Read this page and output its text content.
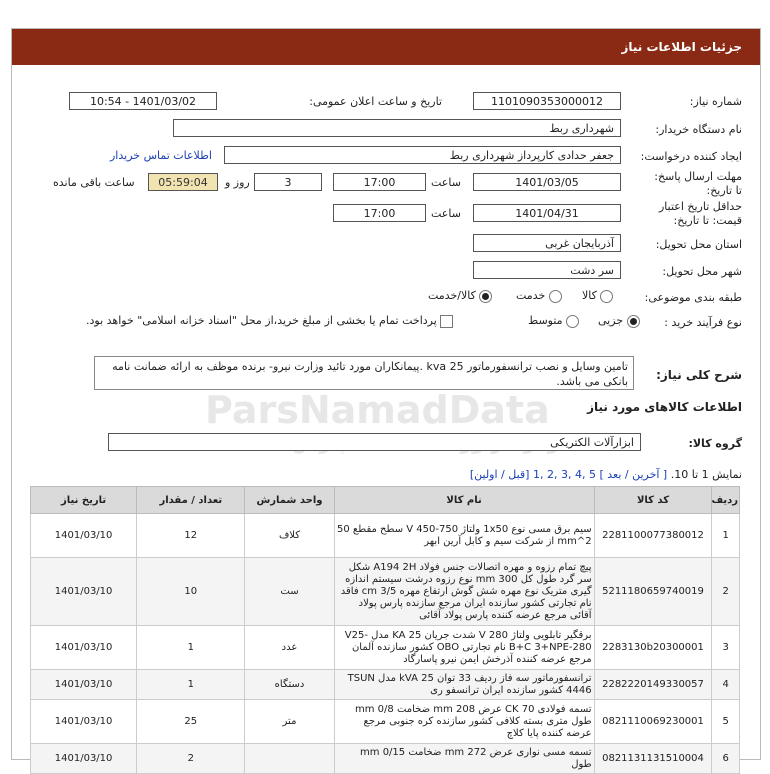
جزئیات اطلاعات نیاز
ParsNamadData
شماره نیاز:
1101090353000012
تاریخ و ساعت اعلان عمومی:
1401/03/02 - 10:54
نام دستگاه خریدار:
شهرداری ربط
ایجاد کننده درخواست:
جعفر حدادی کارپرداز شهرداری ربط
اطلاعات تماس خریدار
مهلت ارسال پاسخ: تا تاریخ:
1401/03/05
ساعت
17:00
3
روز و
05:59:04
ساعت باقی مانده
حداقل تاریخ اعتبار قیمت: تا تاریخ:
1401/04/31
ساعت
17:00
استان محل تحویل:
آذربایجان غربی
شهر محل تحویل:
سر دشت
طبقه بندی موضوعی:
کالا
خدمت
کالا/خدمت
نوع فرآیند خرید :
جزیی
متوسط
پرداخت تمام یا بخشی از مبلغ خرید،از محل "اسناد خزانه اسلامی" خواهد بود.
شرح کلی نیاز:
تامین وسایل و نصب ترانسفورماتور 25 kva .پیمانکاران مورد تائید وزارت نیرو- برنده موظف به ارائه ضمانت نامه بانکی می باشد.
اطلاعات کالاهای مورد نیاز
گروه کالا:
ابزارآلات الکتریکی
نمایش 1 تا 10. [ آخرین / بعد ] 5 ,4 ,3 ,2 ,1 [قبل / اولین]
ردیف	کد کالا	نام کالا	واحد شمارش	تعداد / مقدار	تاریخ نیاز
1	2281100077380012	سیم برق مسی نوع 1x50 ولتاژ 750-450 V سطح مقطع 50 mm^2 از شرکت سیم و کابل آرین ابهر	کلاف	12	1401/03/10
2	5211180659740019	پیچ تمام رزوه و مهره اتصالات جنس فولاد A194 2H شکل سر گرد طول کل 300 mm نوع رزوه درشت سیستم اندازه گیری متریک نوع مهره شش گوش ارتفاع مهره 3/5 cm فاقد نام تجارتی کشور سازنده ایران مرجع سازنده پارس پولاد آقائی مرجع عرضه کننده پارس پولاد آقائی	ست	10	1401/03/10
3	2283130b20300001	برقگیر تابلویی ولتاژ 280 V شدت جریان 25 KA مدل V25-B+C 3+NPE-280 نام تجارتی OBO کشور سازنده آلمان مرجع عرضه کننده آذرخش ایمن نیرو پاسارگاد	عدد	1	1401/03/10
4	2282220149330057	ترانسفورماتور سه فاز ردیف 33 توان 25 kVA مدل TSUN 4446 کشور سازنده ایران ترانسفو ری	دستگاه	1	1401/03/10
5	0821110069230001	تسمه فولادی CK 70 عرض 208 mm ضخامت 0/8 mm طول متری بسته کلافی کشور سازنده کره جنوبی مرجع عرضه کننده پایا کلاچ	متر	25	1401/03/10
6	0821131131510004	تسمه مسی نواری عرض 272 mm ضخامت 0/15 mm طول		2	1401/03/10
